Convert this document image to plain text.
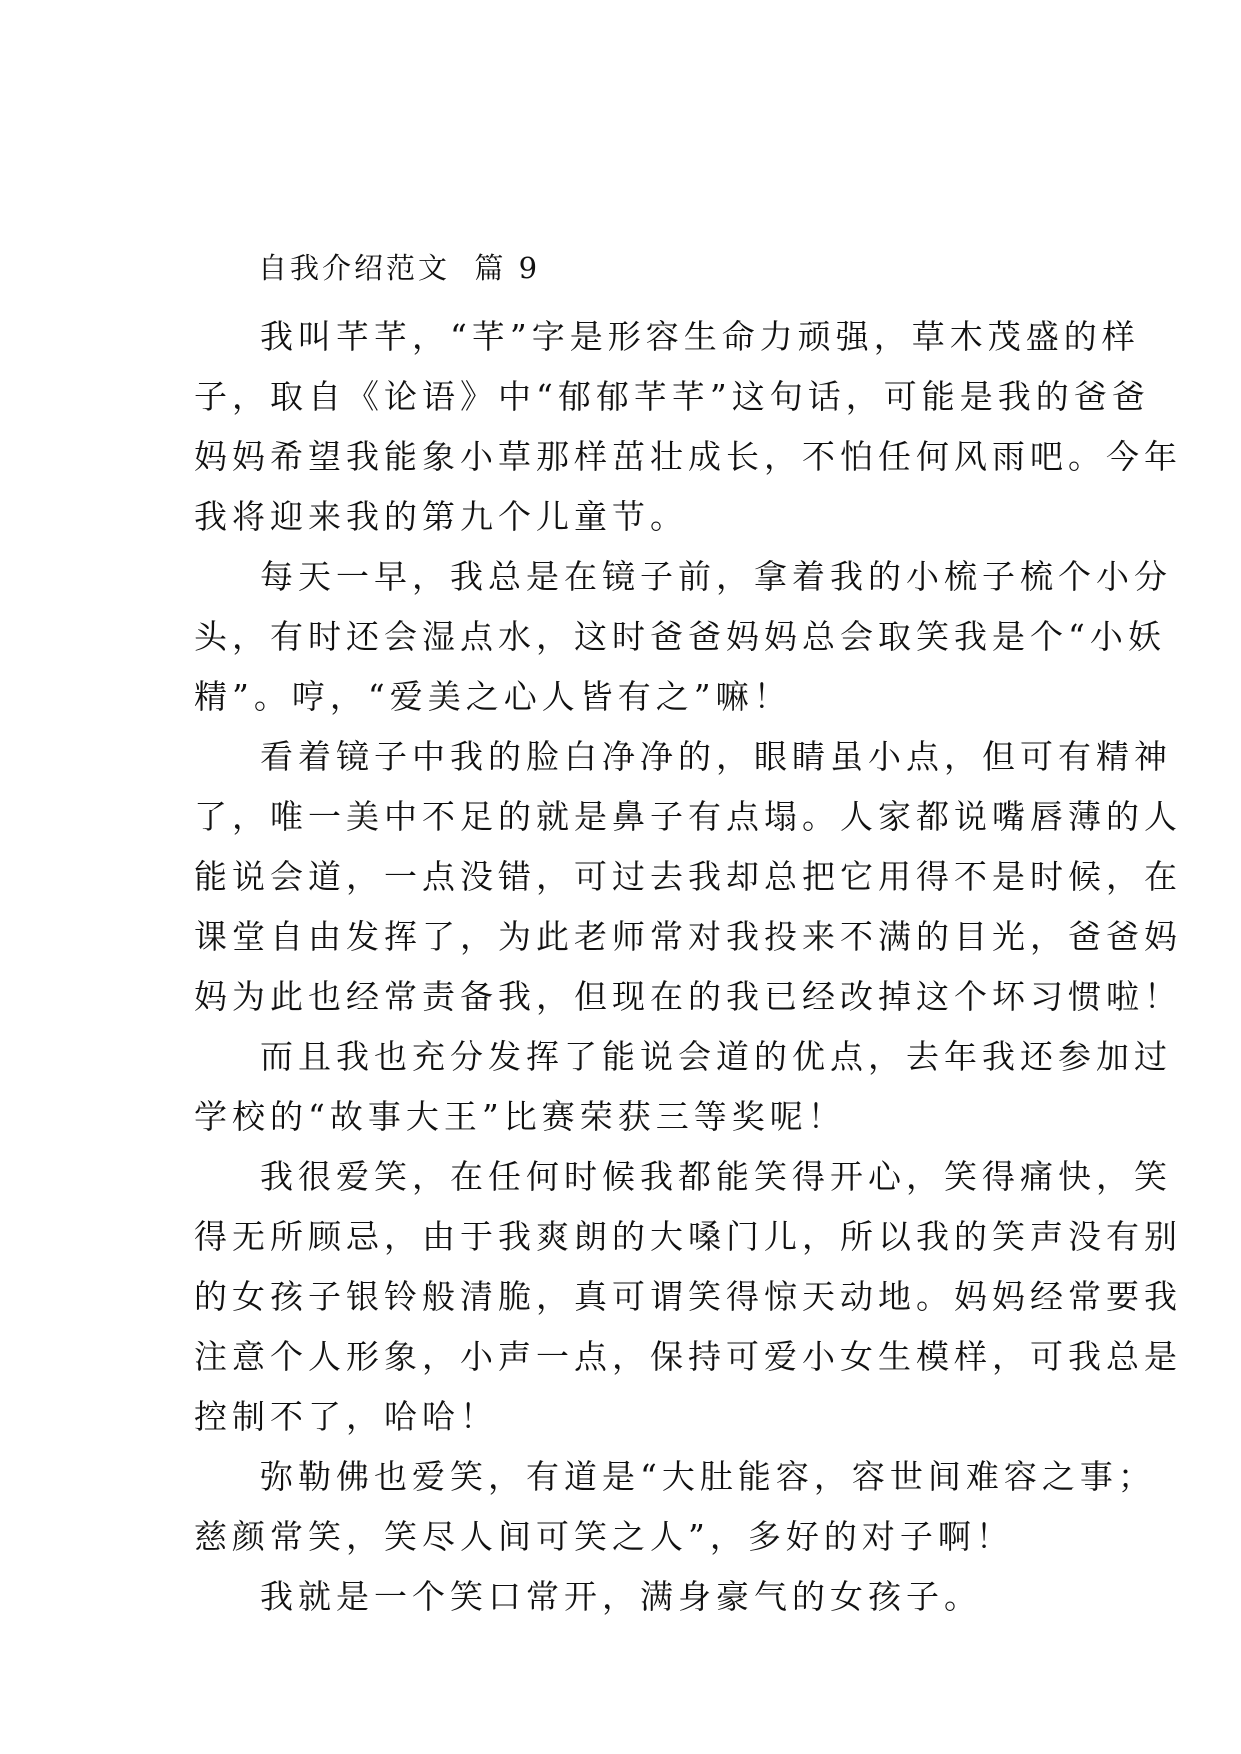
自我介绍范文  篇 9

我叫芊芊，“芊”字是形容生命力顽强，草木茂盛的样
子，取自《论语》中“郁郁芊芊”这句话，可能是我的爸爸
妈妈希望我能象小草那样茁壮成长，不怕任何风雨吧。今年
我将迎来我的第九个儿童节。

每天一早，我总是在镜子前，拿着我的小梳子梳个小分
头，有时还会湿点水，这时爸爸妈妈总会取笑我是个“小妖
精”。哼，“爱美之心人皆有之”嘛！

看着镜子中我的脸白净净的，眼睛虽小点，但可有精神
了，唯一美中不足的就是鼻子有点塌。人家都说嘴唇薄的人
能说会道，一点没错，可过去我却总把它用得不是时候，在
课堂自由发挥了，为此老师常对我投来不满的目光，爸爸妈
妈为此也经常责备我，但现在的我已经改掉这个坏习惯啦！

而且我也充分发挥了能说会道的优点，去年我还参加过
学校的“故事大王”比赛荣获三等奖呢！

我很爱笑，在任何时候我都能笑得开心，笑得痛快，笑
得无所顾忌，由于我爽朗的大嗓门儿，所以我的笑声没有别
的女孩子银铃般清脆，真可谓笑得惊天动地。妈妈经常要我
注意个人形象，小声一点，保持可爱小女生模样，可我总是
控制不了，哈哈！

弥勒佛也爱笑，有道是“大肚能容，容世间难容之事；
慈颜常笑，笑尽人间可笑之人”，多好的对子啊！

我就是一个笑口常开，满身豪气的女孩子。
